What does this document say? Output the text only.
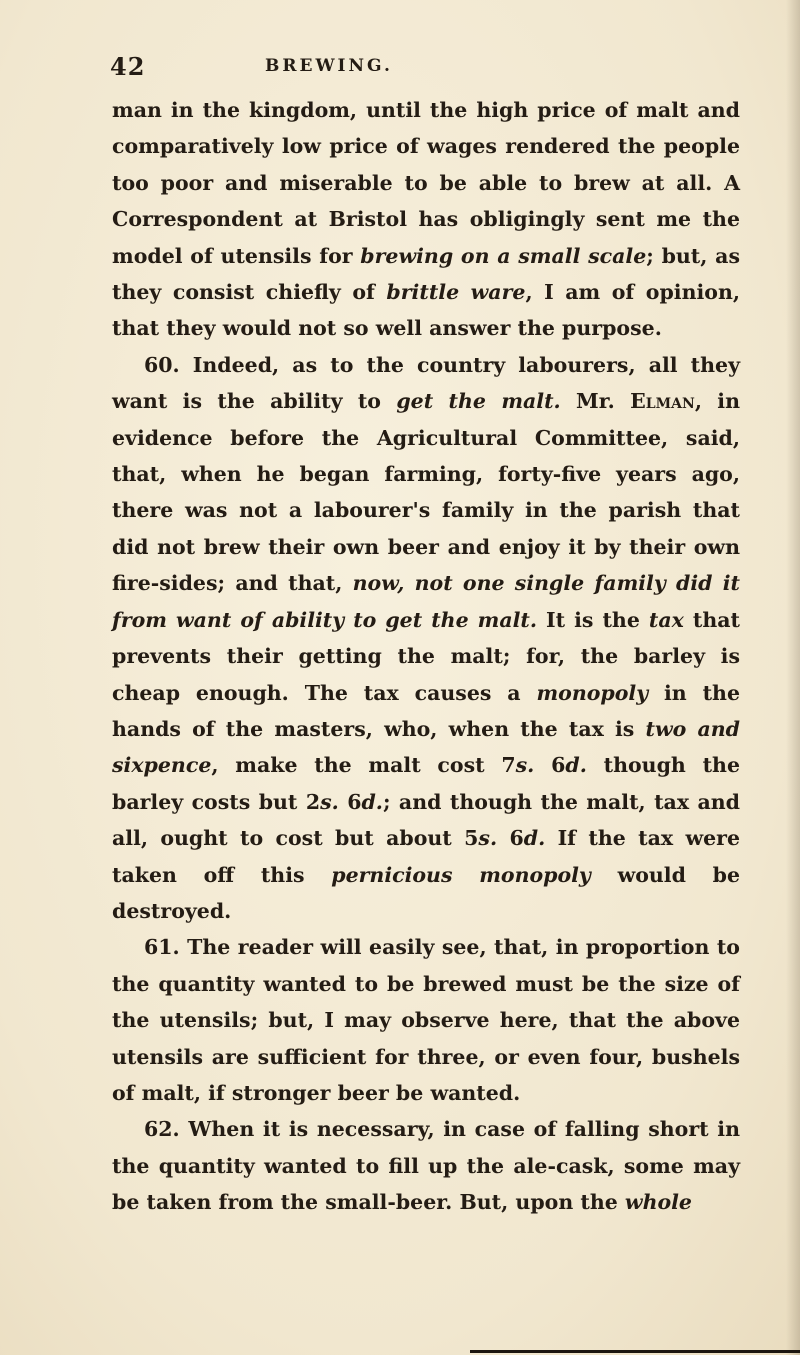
42	BREWING.

man in the kingdom, until the high price of malt and comparatively low price of wages rendered the people too poor and miserable to be able to brew at all. A Correspondent at Bristol has obligingly sent me the model of utensils for brewing on a small scale; but, as they consist chiefly of brittle ware, I am of opinion, that they would not so well answer the purpose.

60. Indeed, as to the country labourers, all they want is the ability to get the malt. Mr. Elman, in evidence before the Agricultural Committee, said, that, when he began farming, forty-five years ago, there was not a labourer's family in the parish that did not brew their own beer and enjoy it by their own fire-sides; and that, now, not one single family did it from want of ability to get the malt. It is the tax that prevents their getting the malt; for, the barley is cheap enough. The tax causes a monopoly in the hands of the masters, who, when the tax is two and sixpence, make the malt cost 7s. 6d. though the barley costs but 2s. 6d.; and though the malt, tax and all, ought to cost but about 5s. 6d. If the tax were taken off this pernicious monopoly would be destroyed.

61. The reader will easily see, that, in proportion to the quantity wanted to be brewed must be the size of the utensils; but, I may observe here, that the above utensils are sufficient for three, or even four, bushels of malt, if stronger beer be wanted.

62. When it is necessary, in case of falling short in the quantity wanted to fill up the ale-cask, some may be taken from the small-beer. But, upon the whole
